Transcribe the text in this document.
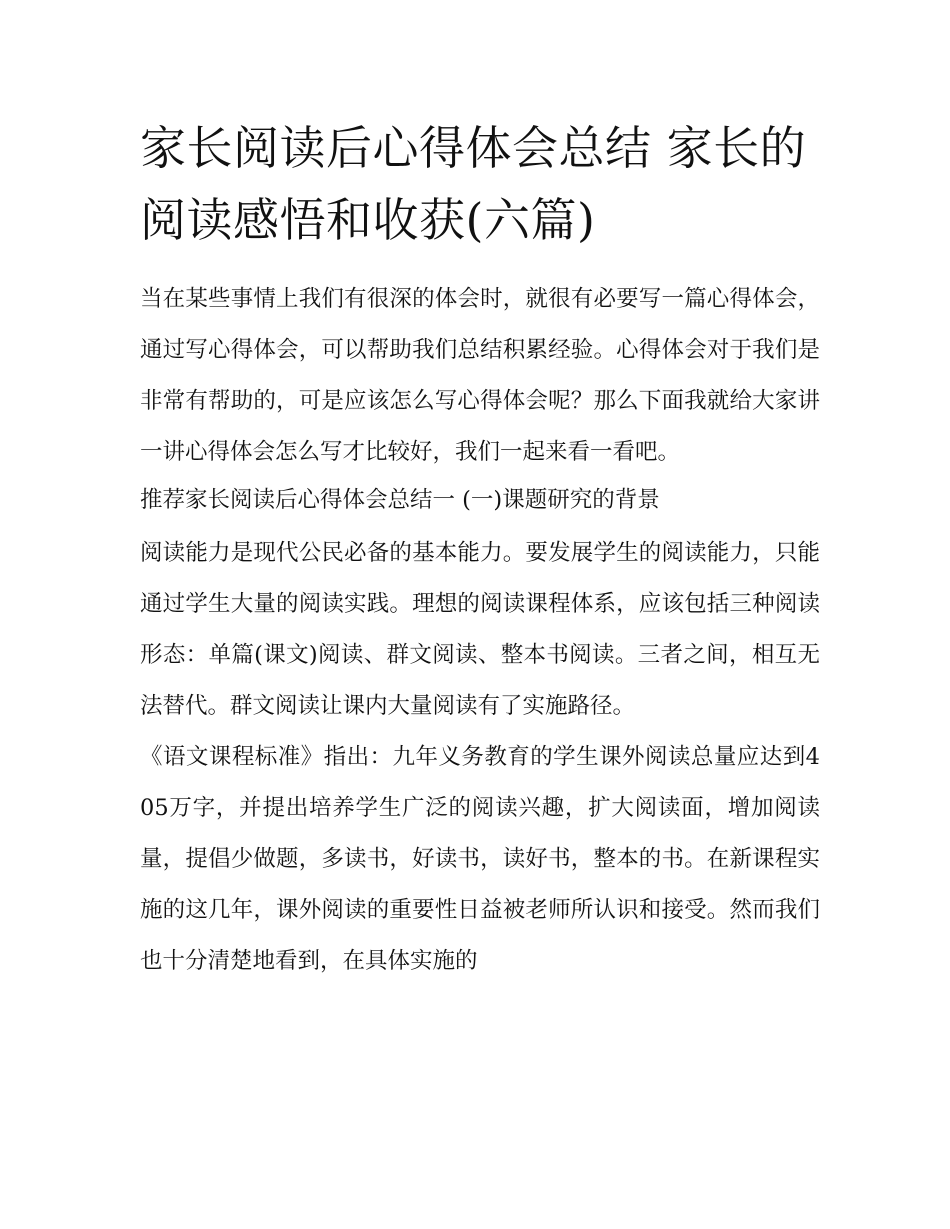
家长阅读后心得体会总结 家长的阅读感悟和收获(六篇)

当在某些事情上我们有很深的体会时，就很有必要写一篇心得体会，通过写心得体会，可以帮助我们总结积累经验。心得体会对于我们是非常有帮助的，可是应该怎么写心得体会呢？那么下面我就给大家讲一讲心得体会怎么写才比较好，我们一起来看一看吧。

推荐家长阅读后心得体会总结一 (一)课题研究的背景

阅读能力是现代公民必备的基本能力。要发展学生的阅读能力，只能通过学生大量的阅读实践。理想的阅读课程体系，应该包括三种阅读形态：单篇(课文)阅读、群文阅读、整本书阅读。三者之间，相互无法替代。群文阅读让课内大量阅读有了实施路径。

《语文课程标准》指出：九年义务教育的学生课外阅读总量应达到405万字，并提出培养学生广泛的阅读兴趣，扩大阅读面，增加阅读量，提倡少做题，多读书，好读书，读好书，整本的书。在新课程实施的这几年，课外阅读的重要性日益被老师所认识和接受。然而我们也十分清楚地看到，在具体实施的
